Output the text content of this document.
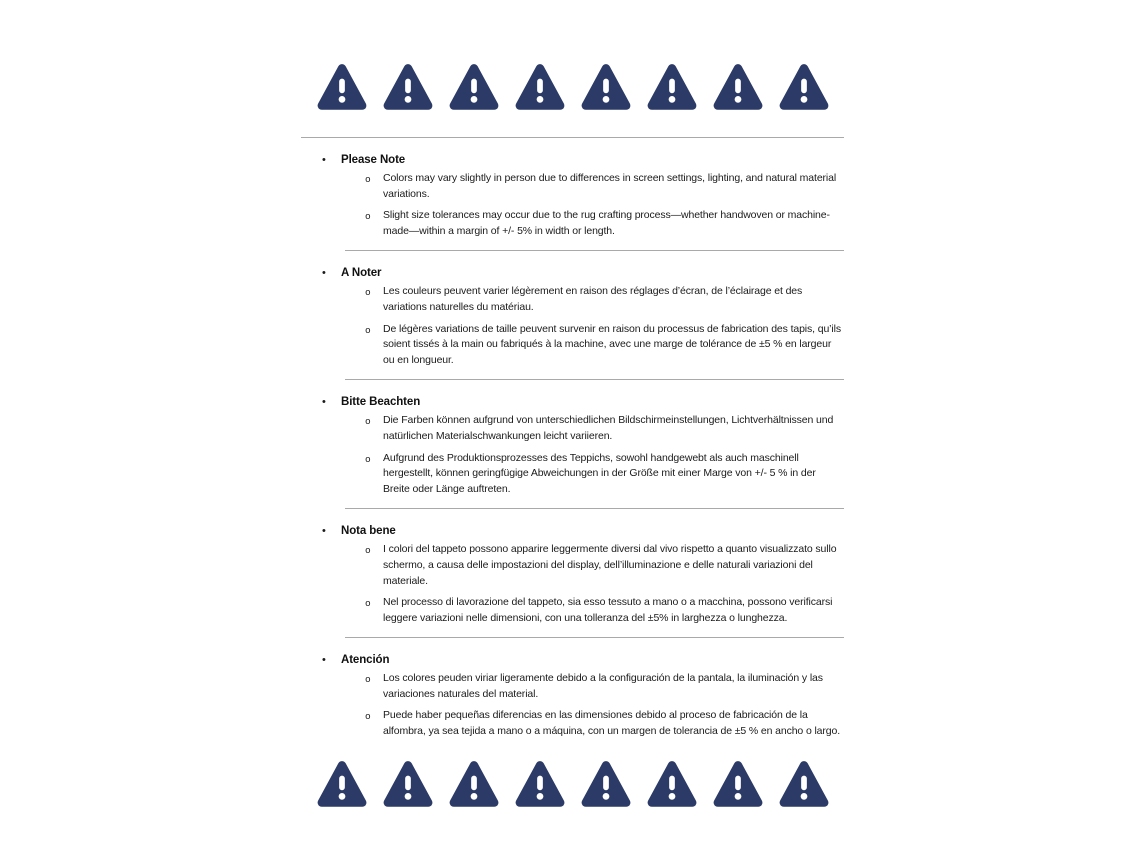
• Please Note
o Colors may vary slightly in person due to differences in screen settings, lighting, and natural material variations.

o Slight size tolerances may occur due to the rug crafting process—whether handwoven or machine-made—within a margin of +/- 5% in width or length.

• A Noter
o Les couleurs peuvent varier légèrement en raison des réglages d’écran, de l’éclairage et des variations naturelles du matériau.

o De légères variations de taille peuvent survenir en raison du processus de fabrication des tapis, qu’ils soient tissés à la main ou fabriqués à la machine, avec une marge de tolérance de ±5 % en largeur ou en longueur.

• Bitte Beachten
o Die Farben können aufgrund von unterschiedlichen Bildschirmeinstellungen, Lichtverhältnissen und natürlichen Materialschwankungen leicht variieren.

o Aufgrund des Produktionsprozesses des Teppichs, sowohl handgewebt als auch maschinell hergestellt, können geringfügige Abweichungen in der Größe mit einer Marge von +/- 5 % in der Breite oder Länge auftreten.

• Nota bene
o I colori del tappeto possono apparire leggermente diversi dal vivo rispetto a quanto visualizzato sullo schermo, a causa delle impostazioni del display, dell’illuminazione e delle naturali variazioni del materiale.

o Nel processo di lavorazione del tappeto, sia esso tessuto a mano o a macchina, possono verificarsi leggere variazioni nelle dimensioni, con una tolleranza del ±5% in larghezza o lunghezza.

• Atención
o Los colores peuden viriar ligeramente debido a la configuración de la pantala, la iluminación y las variaciones naturales del material.

o Puede haber pequeñas diferencias en las dimensiones debido al proceso de fabricación de la alfombra, ya sea tejida a mano o a máquina, con un margen de tolerancia de ±5 % en ancho o largo.
